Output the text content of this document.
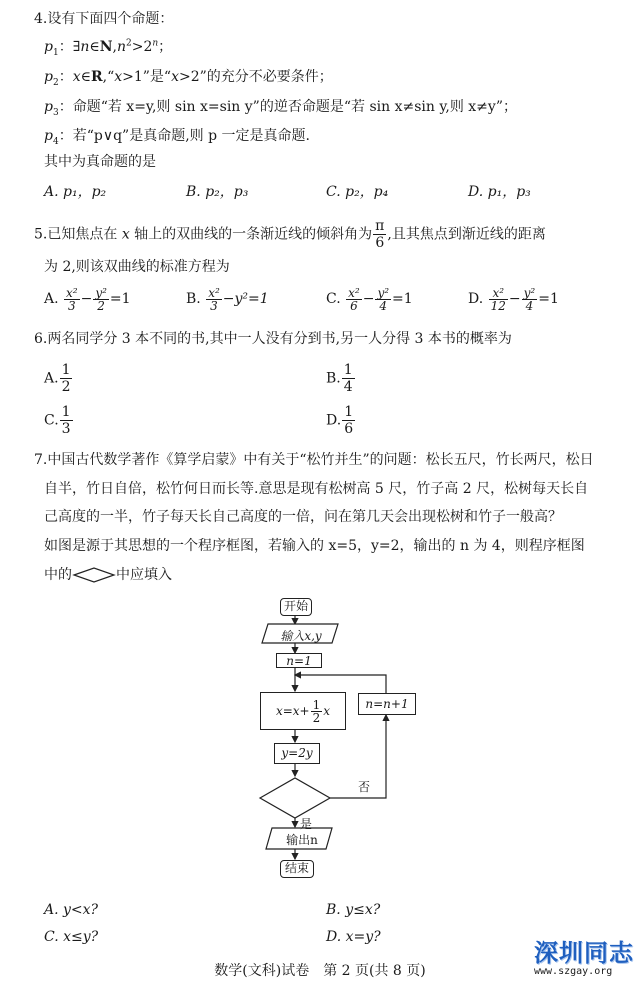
4.设有下面四个命题：
$p_1$：$\exists n\in N,n^2>2^n$；
$p_2$：x∈R,“x>1”是“x>2”的充分不必要条件；
$p_3$：命题“若 x=y,则 sin x=sin y”的逆否命题是“若 sin x≠sin y,则 x≠y”；
$p_4$：若“p∨q”是真命题,则 p 一定是真命题.
其中为真命题的是
A. p₁，p₂	B. p₂，p₃	C. p₂，p₄	D. p₁，p₃
5.已知焦点在 x 轴上的双曲线的一条渐近线的倾斜角为 $\frac{\pi}{6}$ ,且其焦点到渐近线的距离
为 2,则该双曲线的标准方程为
A. $\frac{\text{x²}}{3} - \frac{\text{y²}}{2} =1$	B. $\frac{\text{x²}}{3} -y^2=1$	C. $\frac{\text{x²}}{6} - \frac{\text{y²}}{4} =1$	D. $\frac{\text{x²}}{12} - \frac{\text{y²}}{4} =1$
6.两名同学分 3 本不同的书,其中一人没有分到书,另一人分得 3 本书的概率为
A. $\frac{1}{2}$	B. $\frac{1}{4}$
C. $\frac{1}{3}$	D. $\frac{1}{6}$
7.中国古代数学著作《算学启蒙》中有关于“松竹并生”的问题：松长五尺，竹长两尺，松日
自半，竹日自倍，松竹何日而长等.意思是现有松树高 5 尺，竹子高 2 尺，松树每天长自
己高度的一半，竹子每天长自己高度的一倍，问在第几天会出现松树和竹子一般高？
如图是源于其思想的一个程序框图，若输入的 x=5，y=2，输出的 n 为 4，则程序框图
中的	中应填入
开始
输入x,y
n=1
$x=x+ \frac{1}{2}$ x	n=n+1
y=2y
否
是
输出n
结束
A. y<x?	B. y≤x?
C. x≤y?	D. x=y?
数学(文科)试卷　第 2 页(共 8 页)
深圳同志
www.szgay.org
